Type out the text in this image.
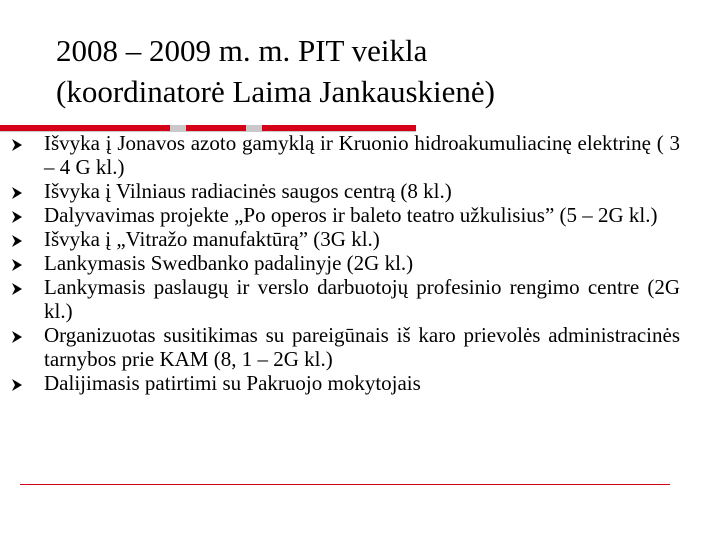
2008 – 2009 m. m. PIT veikla
(koordinatorė Laima Jankauskienė)
Išvyka į Jonavos azoto gamyklą ir Kruonio hidroakumuliacinę elektrinę ( 3 – 4 G kl.)
Išvyka į Vilniaus radiacinės saugos centrą (8 kl.)
Dalyvavimas projekte „Po operos ir baleto teatro užkulisius” (5 – 2G kl.)
Išvyka į „Vitražo manufaktūrą” (3G kl.)
Lankymasis Swedbanko padalinyje (2G kl.)
Lankymasis paslaugų ir verslo darbuotojų profesinio rengimo centre (2G kl.)
Organizuotas susitikimas su pareigūnais iš karo prievolės administracinės tarnybos prie KAM (8, 1 – 2G kl.)
Dalijimasis patirtimi su Pakruojo mokytojais
